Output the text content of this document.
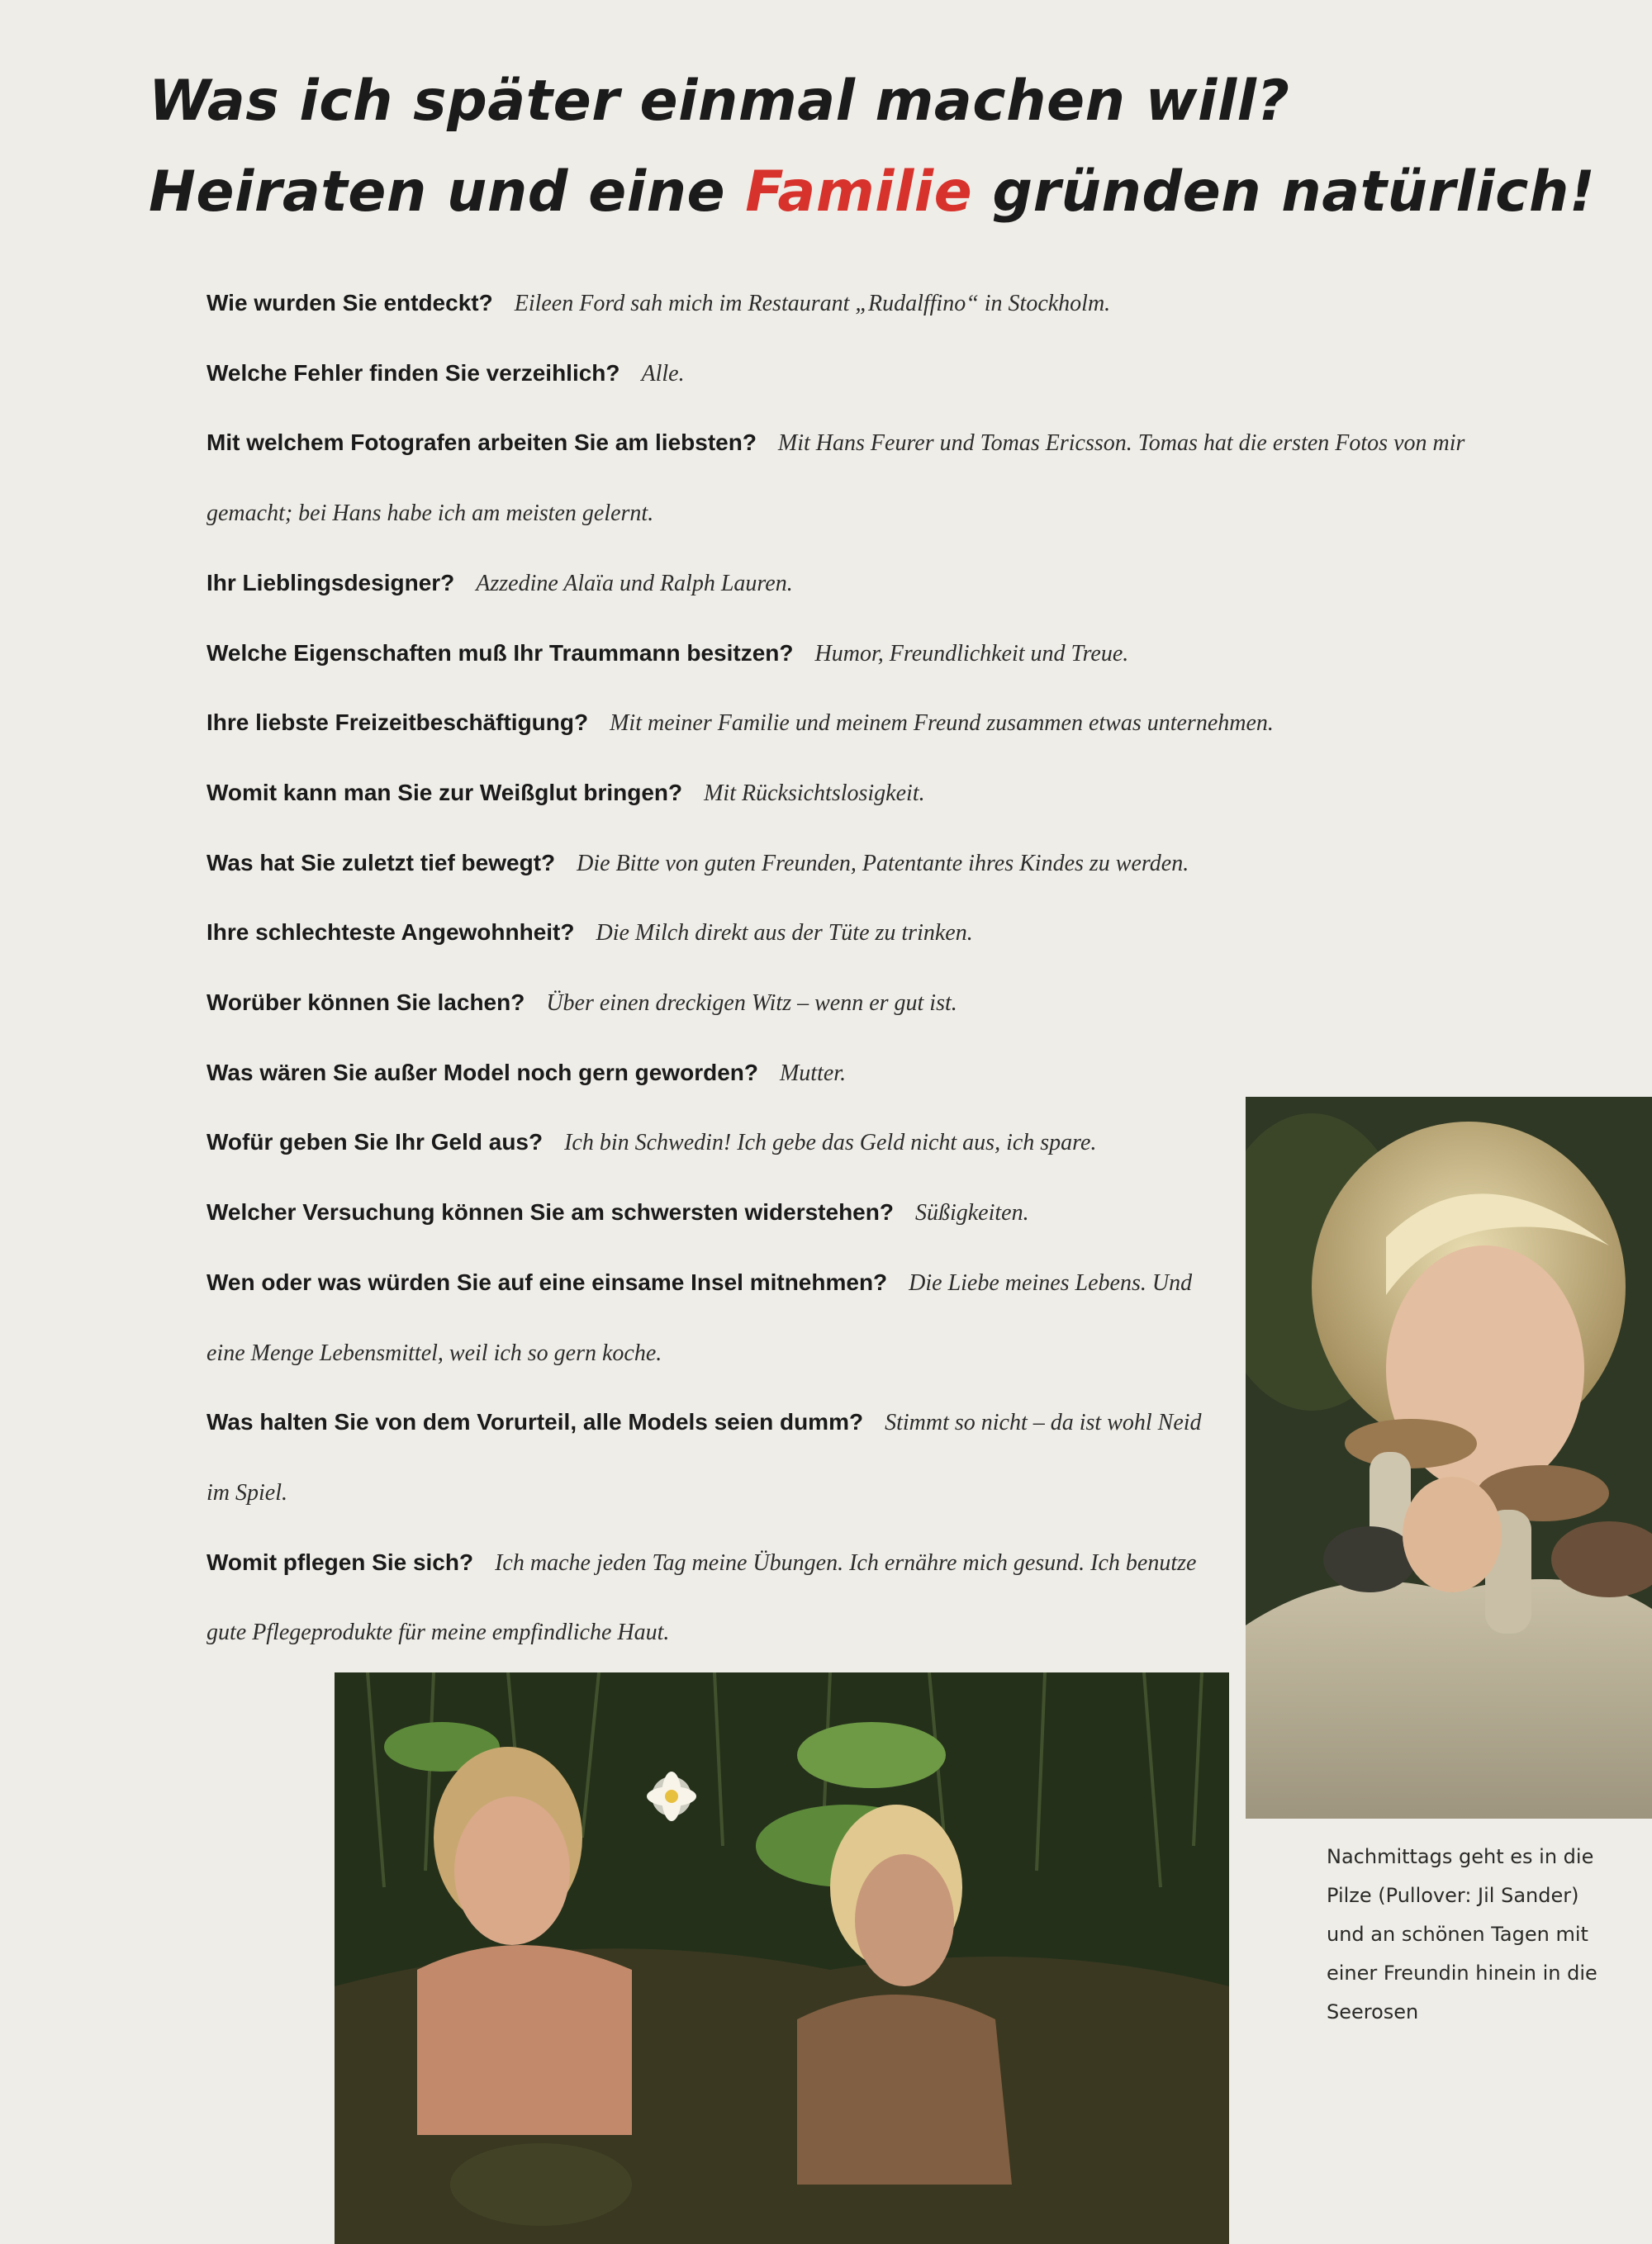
Was ich später einmal machen will?
Heiraten und eine Familie gründen natürlich!

Wie wurden Sie entdeckt? Eileen Ford sah mich im Restaurant „Rudalffino“ in Stockholm.

Welche Fehler finden Sie verzeihlich? Alle.

Mit welchem Fotografen arbeiten Sie am liebsten? Mit Hans Feurer und Tomas Ericsson. Tomas hat die ersten Fotos von mir gemacht; bei Hans habe ich am meisten gelernt.

Ihr Lieblingsdesigner? Azzedine Alaïa und Ralph Lauren.

Welche Eigenschaften muß Ihr Traummann besitzen? Humor, Freundlichkeit und Treue.

Ihre liebste Freizeitbeschäftigung? Mit meiner Familie und meinem Freund zusammen etwas unternehmen.

Womit kann man Sie zur Weißglut bringen? Mit Rücksichtslosigkeit.

Was hat Sie zuletzt tief bewegt? Die Bitte von guten Freunden, Patentante ihres Kindes zu werden.

Ihre schlechteste Angewohnheit? Die Milch direkt aus der Tüte zu trinken.

Worüber können Sie lachen? Über einen dreckigen Witz – wenn er gut ist.

Was wären Sie außer Model noch gern geworden? Mutter.

Wofür geben Sie Ihr Geld aus? Ich bin Schwedin! Ich gebe das Geld nicht aus, ich spare.

Welcher Versuchung können Sie am schwersten widerstehen? Süßigkeiten.

Wen oder was würden Sie auf eine einsame Insel mitnehmen? Die Liebe meines Lebens. Und eine Menge Lebensmittel, weil ich so gern koche.

Was halten Sie von dem Vorurteil, alle Models seien dumm? Stimmt so nicht – da ist wohl Neid im Spiel.

Womit pflegen Sie sich? Ich mache jeden Tag meine Übungen. Ich ernähre mich gesund. Ich benutze gute Pflegeprodukte für meine empfindliche Haut.

Nachmittags geht es in die Pilze (Pullover: Jil Sander) und an schönen Tagen mit einer Freundin hinein in die Seerosen
